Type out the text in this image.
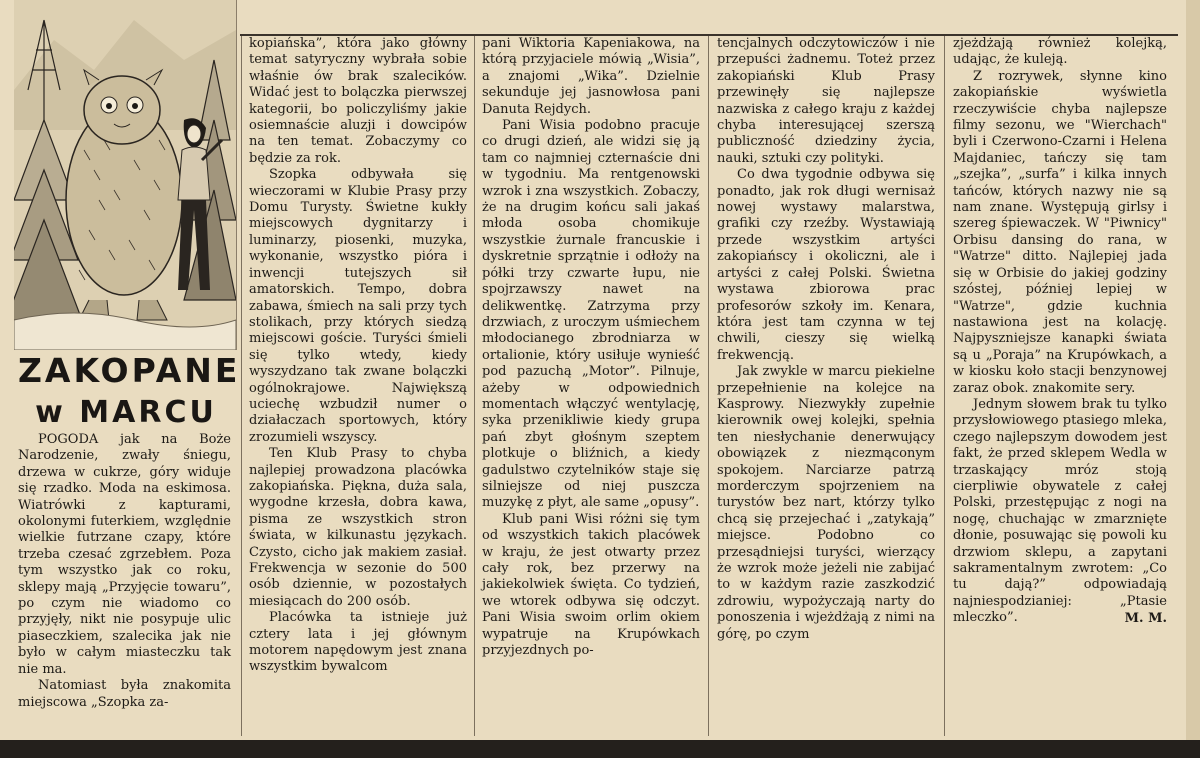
ZAKOPANE
w MARCU

POGODA jak na Boże Narodzenie, zwały śniegu, drzewa w cukrze, góry widuje się rzadko. Moda na eskimosa. Wiatrówki z kapturami, okolonymi futerkiem, względnie wielkie futrzane czapy, które trzeba czesać zgrzebłem. Poza tym wszystko jak co roku, sklepy mają „Przyjęcie towaru”, po czym nie wiadomo co przyjęły, nikt nie posypuje ulic piaseczkiem, szalecika jak nie było w całym miasteczku tak nie ma.

Natomiast była znakomita miejscowa „Szopka za-

kopiańska”, która jako główny temat satyryczny wybrała sobie właśnie ów brak szalecików. Widać jest to bolączka pierwszej kategorii, bo policzyliśmy jakie osiemnaście aluzji i dowcipów na ten temat. Zobaczymy co będzie za rok.

Szopka odbywała się wieczorami w Klubie Prasy przy Domu Turysty. Świetne kukły miejscowych dygnitarzy i luminarzy, piosenki, muzyka, wykonanie, wszystko pióra i inwencji tutejszych sił amatorskich. Tempo, dobra zabawa, śmiech na sali przy tych stolikach, przy których siedzą miejscowi goście. Turyści śmieli się tylko wtedy, kiedy wyszydzano tak zwane bolączki ogólnokrajowe. Największą uciechę wzbudził numer o działaczach sportowych, który zrozumieli wszyscy.

Ten Klub Prasy to chyba najlepiej prowadzona placówka zakopiańska. Piękna, duża sala, wygodne krzesła, dobra kawa, pisma ze wszystkich stron świata, w kilkunastu językach. Czysto, cicho jak makiem zasiał. Frekwencja w sezonie do 500 osób dziennie, w pozostałych miesiącach do 200 osób.

Placówka ta istnieje już cztery lata i jej głównym motorem napędowym jest znana wszystkim bywalcom

pani Wiktoria Kapeniakowa, na którą przyjaciele mówią „Wisia”, a znajomi „Wika”. Dzielnie sekunduje jej jasnowłosa pani Danuta Rejdych.

Pani Wisia podobno pracuje co drugi dzień, ale widzi się ją tam co najmniej czternaście dni w tygodniu. Ma rentgenowski wzrok i zna wszystkich. Zobaczy, że na drugim końcu sali jakaś młoda osoba chomikuje wszystkie żurnale francuskie i dyskretnie sprzątnie i odłoży na półki trzy czwarte łupu, nie spojrzawszy nawet na delikwentkę. Zatrzyma przy drzwiach, z uroczym uśmiechem młodocianego zbrodniarza w ortalionie, który usiłuje wynieść pod pazuchą „Motor”. Pilnuje, ażeby w odpowiednich momentach włączyć wentylację, syka przenikliwie kiedy grupa pań zbyt głośnym szeptem plotkuje o bliźnich, a kiedy gadulstwo czytelników staje się silniejsze od niej puszcza muzykę z płyt, ale same „opusy”.

Klub pani Wisi różni się tym od wszystkich takich placówek w kraju, że jest otwarty przez cały rok, bez przerwy na jakiekolwiek święta. Co tydzień, we wtorek odbywa się odczyt. Pani Wisia swoim orlim okiem wypatruje na Krupówkach przyjezdnych po-

tencjalnych odczytowiczów i nie przepuści żadnemu. Toteż przez zakopiański Klub Prasy przewinęły się najlepsze nazwiska z całego kraju z każdej chyba interesującej szerszą publiczność dziedziny życia, nauki, sztuki czy polityki.

Co dwa tygodnie odbywa się ponadto, jak rok długi wernisaż nowej wystawy malarstwa, grafiki czy rzeźby. Wystawiają przede wszystkim artyści zakopiańscy i okoliczni, ale i artyści z całej Polski. Świetna wystawa zbiorowa prac profesorów szkoły im. Kenara, która jest tam czynna w tej chwili, cieszy się wielką frekwencją.

Jak zwykle w marcu piekielne przepełnienie na kolejce na Kasprowy. Niezwykły zupełnie kierownik owej kolejki, spełnia ten niesłychanie denerwujący obowiązek z niezmąconym spokojem. Narciarze patrzą morderczym spojrzeniem na turystów bez nart, którzy tylko chcą się przejechać i „zatykają” miejsce. Podobno co przesądniejsi turyści, wierzący że wzrok może jeżeli nie zabijać to w każdym razie zaszkodzić zdrowiu, wypożyczają narty do ponoszenia i wjeżdżają z nimi na górę, po czym

zjeżdżają również kolejką, udając, że kuleją.

Z rozrywek, słynne kino zakopiańskie wyświetla rzeczywiście chyba najlepsze filmy sezonu, we "Wierchach" byli i Czerwono-Czarni i Helena Majdaniec, tańczy się tam „szejka”, „surfa” i kilka innych tańców, których nazwy nie są nam znane. Występują girlsy i szereg śpiewaczek. W "Piwnicy" Orbisu dansing do rana, w "Watrze" ditto. Najlepiej jada się w Orbisie do jakiej godziny szóstej, później lepiej w "Watrze", gdzie kuchnia nastawiona jest na kolację. Najpyszniejsze kanapki świata są u „Poraja” na Krupówkach, a w kiosku koło stacji benzynowej zaraz obok. znakomite sery.

Jednym słowem brak tu tylko przysłowiowego ptasiego mleka, czego najlepszym dowodem jest fakt, że przed sklepem Wedla w trzaskający mróz stoją cierpliwie obywatele z całej Polski, przestępując z nogi na nogę, chuchając w zmarznięte dłonie, posuwając się powoli ku drzwiom sklepu, a zapytani sakramentalnym zwrotem: „Co tu dają?” odpowiadają najniespodzianiej: „Ptasie mleczko”.	M. M.
